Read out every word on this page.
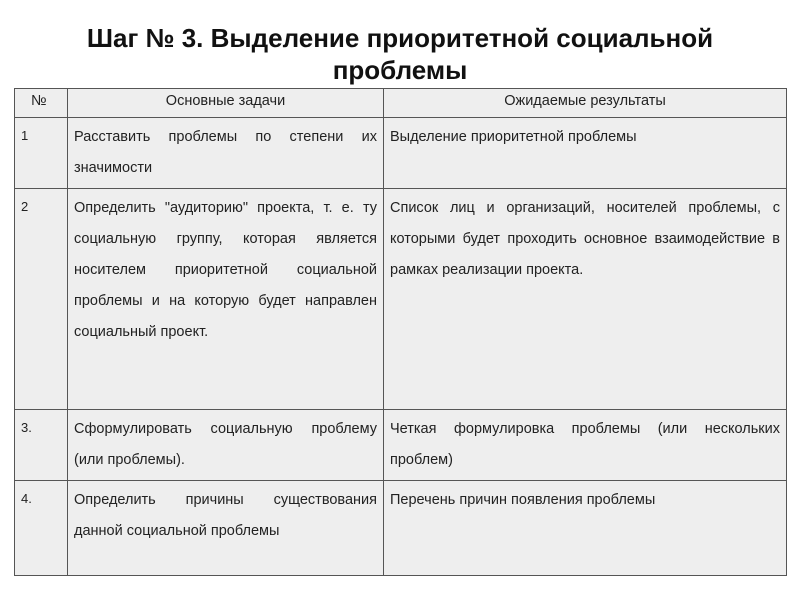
Шаг № 3. Выделение приоритетной социальной проблемы
№	Основные задачи	Ожидаемые результаты
1	Расставить проблемы по степени их значимости	Выделение приоритетной проблемы
2	Определить "аудиторию" проекта, т. е. ту социальную группу, которая является носителем приоритетной социальной проблемы и на которую будет направлен социальный проект.	Список лиц и организаций, носителей проблемы, с которыми будет проходить основное взаимодействие в рамках реализации проекта.
3.	Сформулировать социальную проблему (или проблемы).	Четкая формулировка проблемы (или нескольких проблем)
4.	Определить причины существования данной социальной проблемы	Перечень причин появления проблемы
